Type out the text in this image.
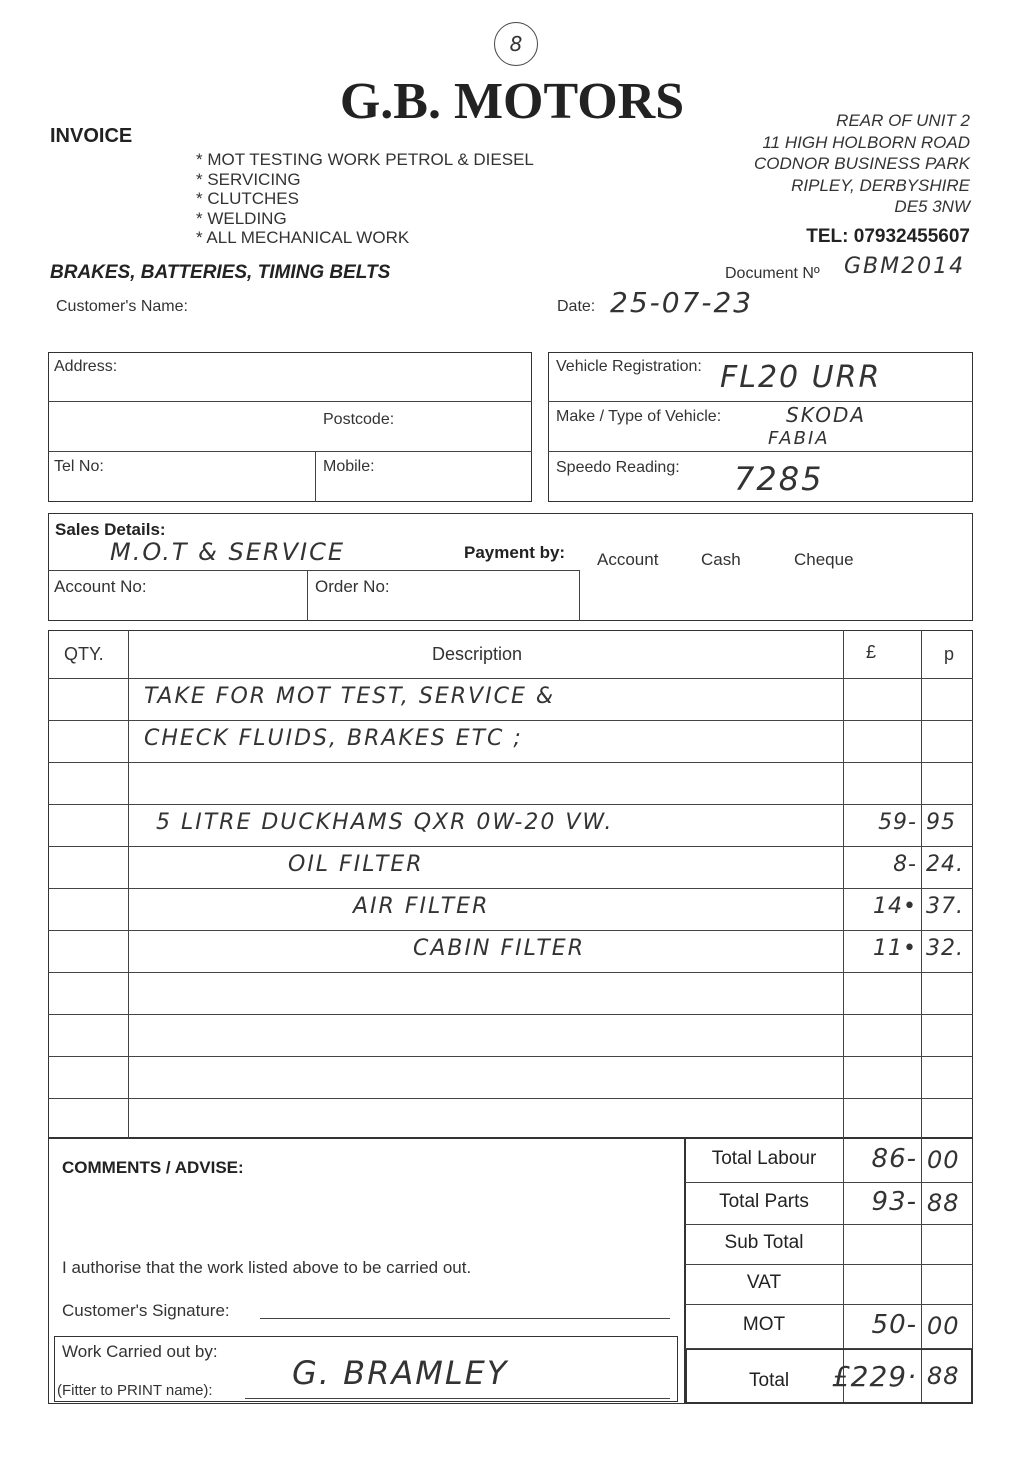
8
G.B. MOTORS
INVOICE
* MOT TESTING WORK PETROL & DIESEL
* SERVICING
* CLUTCHES
* WELDING
* ALL MECHANICAL WORK
REAR OF UNIT 2
11 HIGH HOLBORN ROAD
CODNOR BUSINESS PARK
RIPLEY, DERBYSHIRE
DE5 3NW
TEL: 07932455607
BRAKES, BATTERIES, TIMING BELTS	Document Nº GBM2014
Customer's Name:	Date: 25-07-23
Address:
Postcode:
Tel No:	Mobile:
Vehicle Registration: FL20 URR
Make / Type of Vehicle:	SKODA
FABIA
Speedo Reading: 7285
Sales Details:
M.O.T & SERVICE	Payment by: Account	Cash	Cheque
Account No:	Order No:
QTY.	Description	£	p
TAKE FOR MOT TEST, SERVICE &
CHECK FLUIDS, BRAKES ETC ;
5 LITRE DUCKHAMS QXR 0W-20 VW.	59- 95
OIL FILTER	8- 24.
AIR FILTER	14• 37.
CABIN FILTER	11• 32.
COMMENTS / ADVISE:
I authorise that the work listed above to be carried out.
Customer's Signature:
Work Carried out by:
(Fitter to PRINT name): G. BRAMLEY
Total Labour	86- 00
Total Parts	93- 88
Sub Total
VAT
MOT	50- 00
Total £229· 88
